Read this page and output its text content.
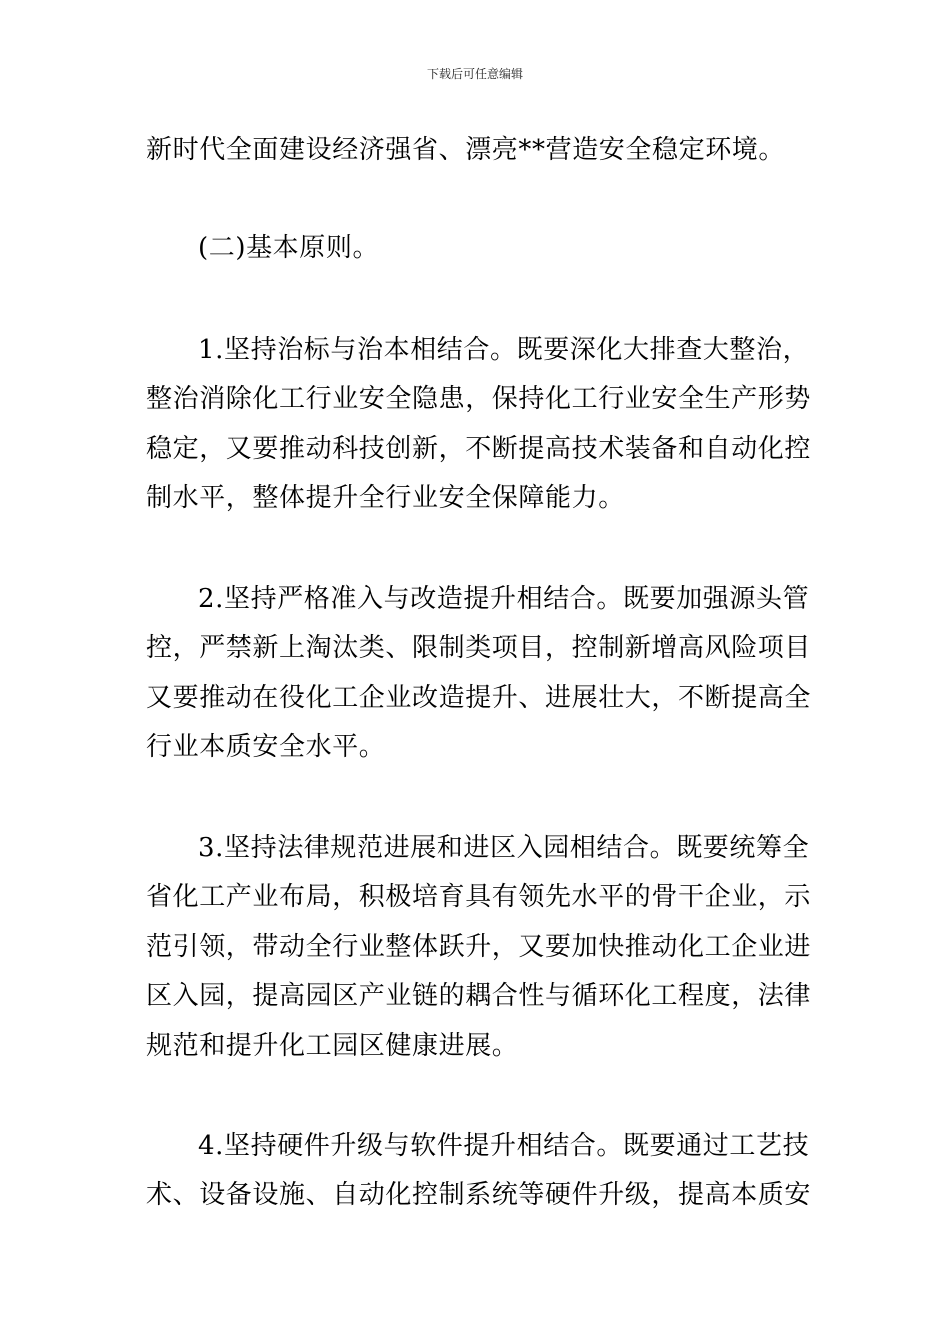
下载后可任意编辑
新时代全面建设经济强省、漂亮**营造安全稳定环境。
(二)基本原则。
1.坚持治标与治本相结合。既要深化大排查大整治，
整治消除化工行业安全隐患，保持化工行业安全生产形势
稳定，又要推动科技创新，不断提高技术装备和自动化控
制水平，整体提升全行业安全保障能力。
2.坚持严格准入与改造提升相结合。既要加强源头管
控，严禁新上淘汰类、限制类项目，控制新增高风险项目
又要推动在役化工企业改造提升、进展壮大，不断提高全
行业本质安全水平。
3.坚持法律规范进展和进区入园相结合。既要统筹全
省化工产业布局，积极培育具有领先水平的骨干企业，示
范引领，带动全行业整体跃升，又要加快推动化工企业进
区入园，提高园区产业链的耦合性与循环化工程度，法律
规范和提升化工园区健康进展。
4.坚持硬件升级与软件提升相结合。既要通过工艺技
术、设备设施、自动化控制系统等硬件升级，提高本质安
